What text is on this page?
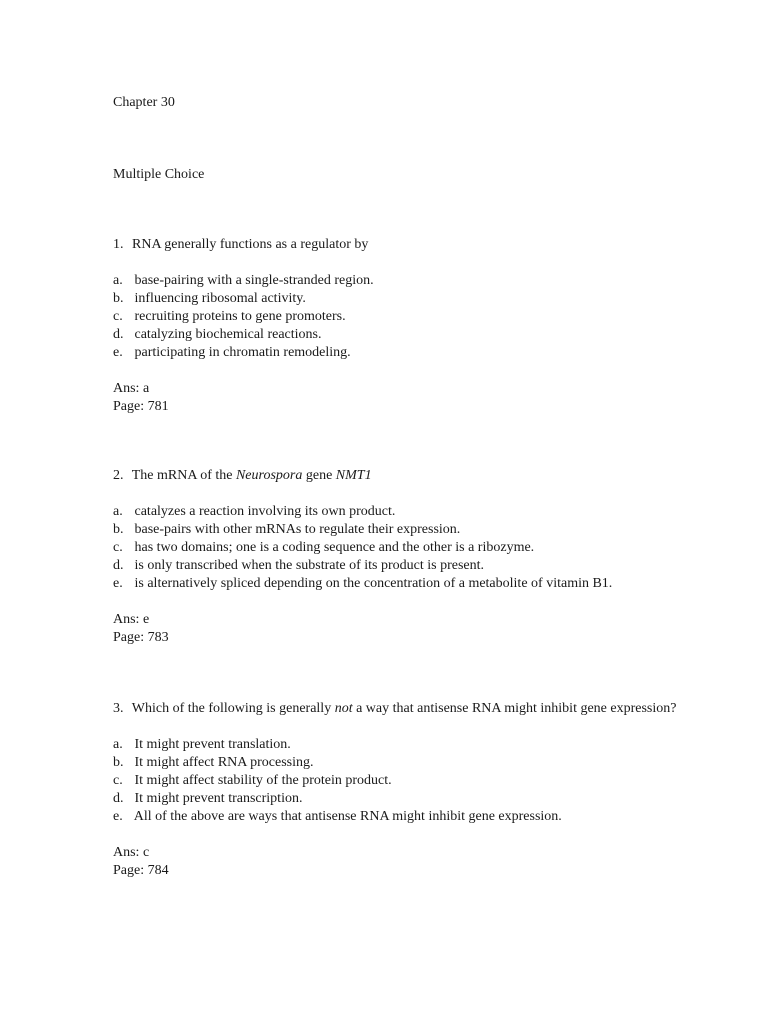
Chapter 30
Multiple Choice

1. RNA generally functions as a regulator by

a. base-pairing with a single-stranded region.
b. influencing ribosomal activity.
c. recruiting proteins to gene promoters.
d. catalyzing biochemical reactions.
e. participating in chromatin remodeling.
Ans: a
Page: 781

2. The mRNA of the Neurospora gene NMT1

a. catalyzes a reaction involving its own product.
b. base-pairs with other mRNAs to regulate their expression.
c. has two domains; one is a coding sequence and the other is a ribozyme.
d. is only transcribed when the substrate of its product is present.
e. is alternatively spliced depending on the concentration of a metabolite of vitamin B1.
Ans: e
Page: 783

3. Which of the following is generally not a way that antisense RNA might inhibit gene expression?

a. It might prevent translation.
b. It might affect RNA processing.
c. It might affect stability of the protein product.
d. It might prevent transcription.
e. All of the above are ways that antisense RNA might inhibit gene expression.
Ans: c
Page: 784
